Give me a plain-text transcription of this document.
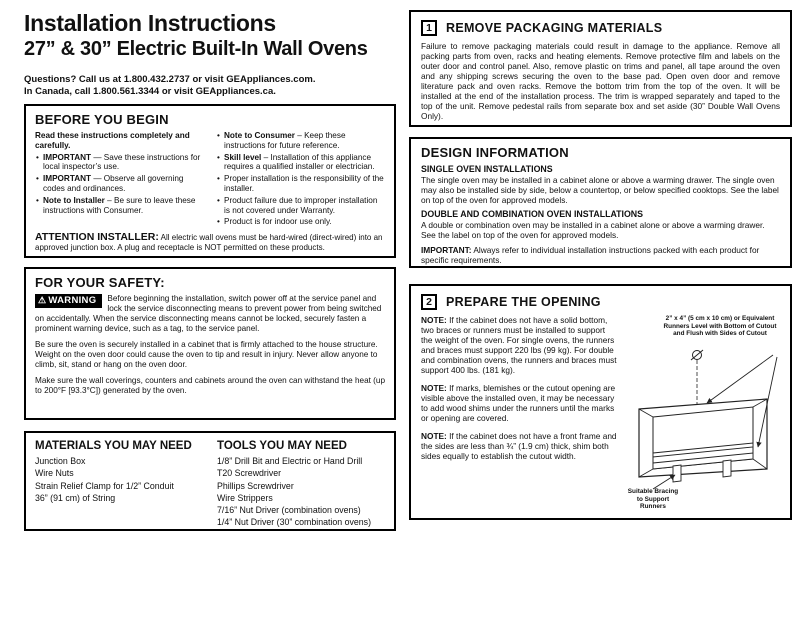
Installation Instructions
27” & 30” Electric Built-In Wall Ovens
Questions? Call us at 1.800.432.2737 or visit GEAppliances.com.
In Canada, call 1.800.561.3344 or visit GEAppliances.ca.
BEFORE YOU BEGIN
Read these instructions completely and carefully.
• IMPORTANT — Save these instructions for local inspector’s use.
• IMPORTANT — Observe all governing codes and ordinances.
• Note to Installer – Be sure to leave these instructions with Consumer.
• Note to Consumer – Keep these instructions for future reference.
• Skill level – Installation of this appliance requires a qualified installer or electrician.
• Proper installation is the responsibility of the installer.
• Product failure due to improper installation is not covered under Warranty.
• Product is for indoor use only.
ATTENTION INSTALLER: All electric wall ovens must be hard-wired (direct-wired) into an approved junction box. A plug and receptacle is NOT permitted on these products.
FOR YOUR SAFETY:
⚠ WARNING	Before beginning the installation, switch power off at the service panel and lock the service disconnecting means to prevent power from being switched on accidentally. When the service disconnecting means cannot be locked, securely fasten a prominent warning device, such as a tag, to the service panel.
Be sure the oven is securely installed in a cabinet that is firmly attached to the house structure. Weight on the oven door could cause the oven to tip and result in injury. Never allow anyone to climb, sit, stand or hang on the oven door.
Make sure the wall coverings, counters and cabinets around the oven can withstand the heat (up to 200°F [93.3°C]) generated by the oven.
MATERIALS YOU MAY NEED
Junction Box
Wire Nuts
Strain Relief Clamp for 1/2” Conduit
36” (91 cm) of String
TOOLS YOU MAY NEED
1/8” Drill Bit and Electric or Hand Drill
T20 Screwdriver
Phillips Screwdriver
Wire Strippers
7/16” Nut Driver (combination ovens)
1/4” Nut Driver (30” combination ovens)
1	REMOVE PACKAGING MATERIALS
Failure to remove packaging materials could result in damage to the appliance. Remove all packing parts from oven, racks and heating elements. Remove protective film and labels on the outer door and control panel. Also, remove plastic on trims and panel, all tape around the oven and any shipping screws securing the oven to the base pad. Open oven door and remove literature pack and oven racks. Remove the bottom trim from the top of the oven. It will be installed at the end of the installation process. The trim is wrapped separately and taped to the top of the unit. Remove pedestal rails from separate box and set aside (30” Double Wall Ovens Only).
DESIGN INFORMATION
SINGLE OVEN INSTALLATIONS
The single oven may be installed in a cabinet alone or above a warming drawer. The single oven may also be installed side by side, below a countertop, or below specified cooktops. See the label on top of the oven for approved models.
DOUBLE AND COMBINATION OVEN INSTALLATIONS
A double or combination oven may be installed in a cabinet alone or above a warming drawer. See the label on top of the oven for approved models.
IMPORTANT: Always refer to individual installation instructions packed with each product for specific requirements.
2	PREPARE THE OPENING

NOTE: If the cabinet does not have a solid bottom, two braces or runners must be installed to support the weight of the oven. For single ovens, the runners and braces must support 220 lbs (99 kg). For double and combination ovens, the runners and braces must support 400 lbs. (181 kg).

NOTE: If marks, blemishes or the cutout opening are visible above the installed oven, it may be necessary to add wood shims under the runners until the marks or opening are covered.

NOTE: If the cabinet does not have a front frame and the sides are less than ¾” (1.9 cm) thick, shim both sides equally to establish the cutout width.

2” x 4” (5 cm x 10 cm) or Equivalent Runners Level with Bottom of Cutout and Flush with Sides of Cutout
Suitable Bracing to Support Runners
